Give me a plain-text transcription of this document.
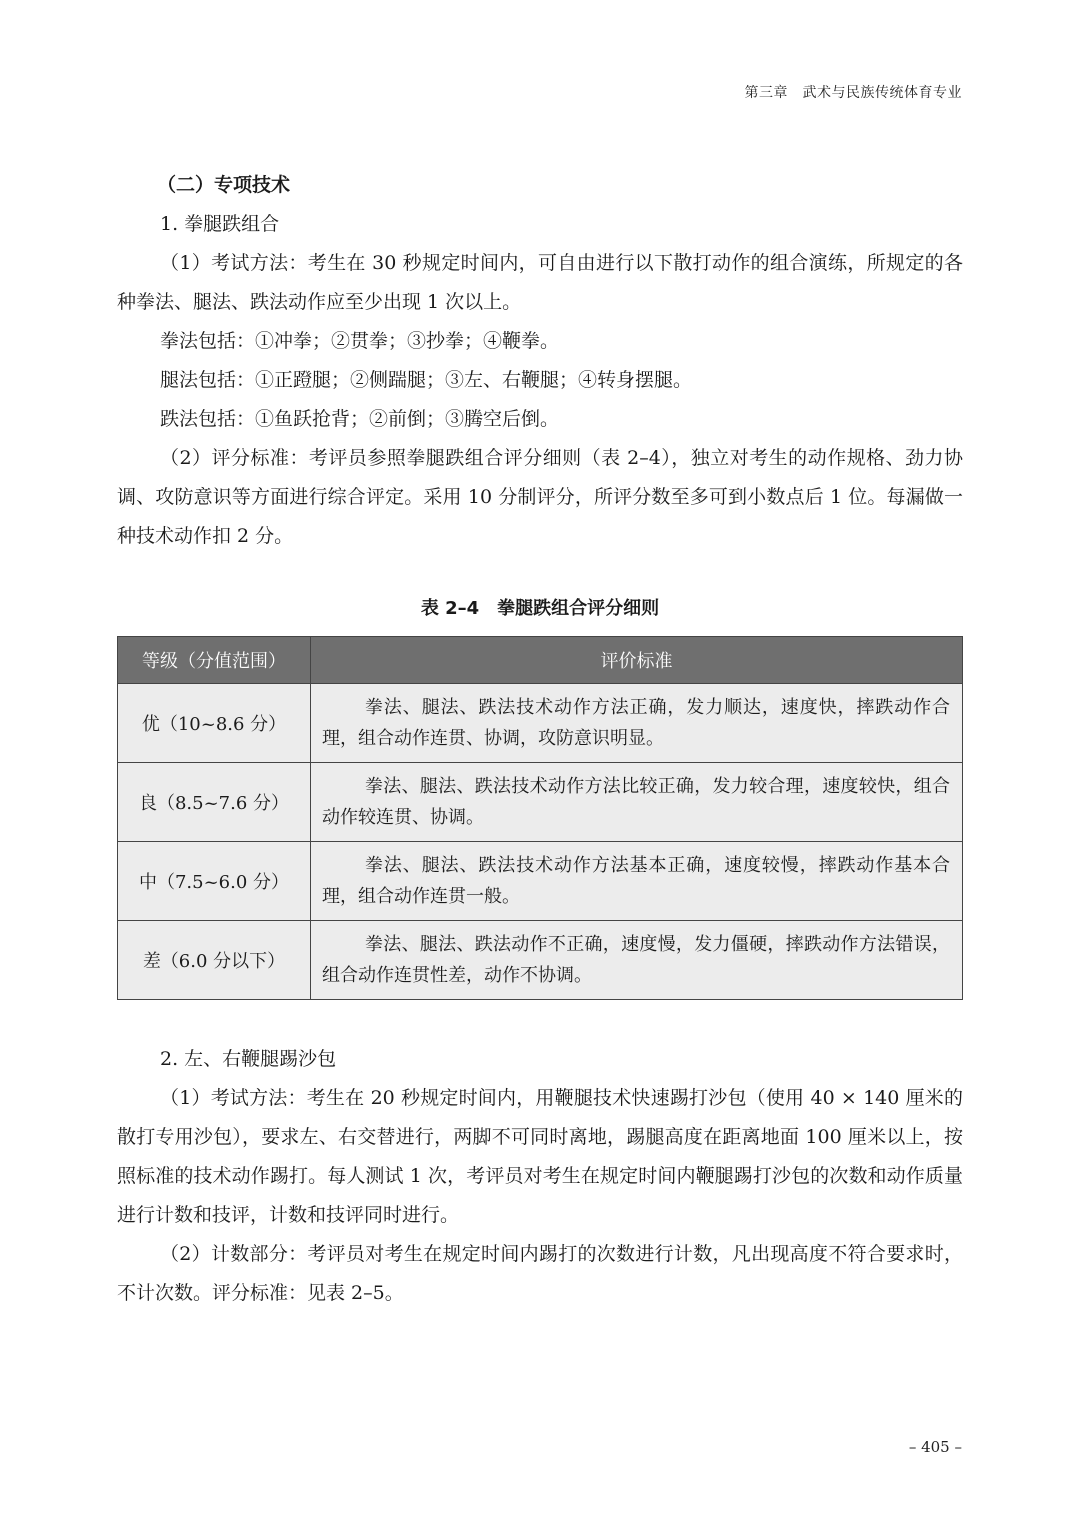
第三章　武术与民族传统体育专业
（二）专项技术
1. 拳腿跌组合

（1）考试方法：考生在 30 秒规定时间内，可自由进行以下散打动作的组合演练，所规定的各种拳法、腿法、跌法动作应至少出现 1 次以上。

拳法包括：①冲拳；②贯拳；③抄拳；④鞭拳。

腿法包括：①正蹬腿；②侧踹腿；③左、右鞭腿；④转身摆腿。

跌法包括：①鱼跃抢背；②前倒；③腾空后倒。

（2）评分标准：考评员参照拳腿跌组合评分细则（表 2–4），独立对考生的动作规格、劲力协调、攻防意识等方面进行综合评定。采用 10 分制评分，所评分数至多可到小数点后 1 位。每漏做一种技术动作扣 2 分。

表 2–4　拳腿跌组合评分细则
等级（分值范围）	评价标准
优（10~8.6 分）	拳法、腿法、跌法技术动作方法正确，发力顺达，速度快，摔跌动作合理，组合动作连贯、协调，攻防意识明显。
良（8.5~7.6 分）	拳法、腿法、跌法技术动作方法比较正确，发力较合理，速度较快，组合动作较连贯、协调。
中（7.5~6.0 分）	拳法、腿法、跌法技术动作方法基本正确，速度较慢，摔跌动作基本合理，组合动作连贯一般。
差（6.0 分以下）	拳法、腿法、跌法动作不正确，速度慢，发力僵硬，摔跌动作方法错误，组合动作连贯性差，动作不协调。
2. 左、右鞭腿踢沙包

（1）考试方法：考生在 20 秒规定时间内，用鞭腿技术快速踢打沙包（使用 40 × 140 厘米的散打专用沙包），要求左、右交替进行，两脚不可同时离地，踢腿高度在距离地面 100 厘米以上，按照标准的技术动作踢打。每人测试 1 次，考评员对考生在规定时间内鞭腿踢打沙包的次数和动作质量进行计数和技评，计数和技评同时进行。

（2）计数部分：考评员对考生在规定时间内踢打的次数进行计数，凡出现高度不符合要求时，不计次数。评分标准：见表 2–5。

– 405 –
